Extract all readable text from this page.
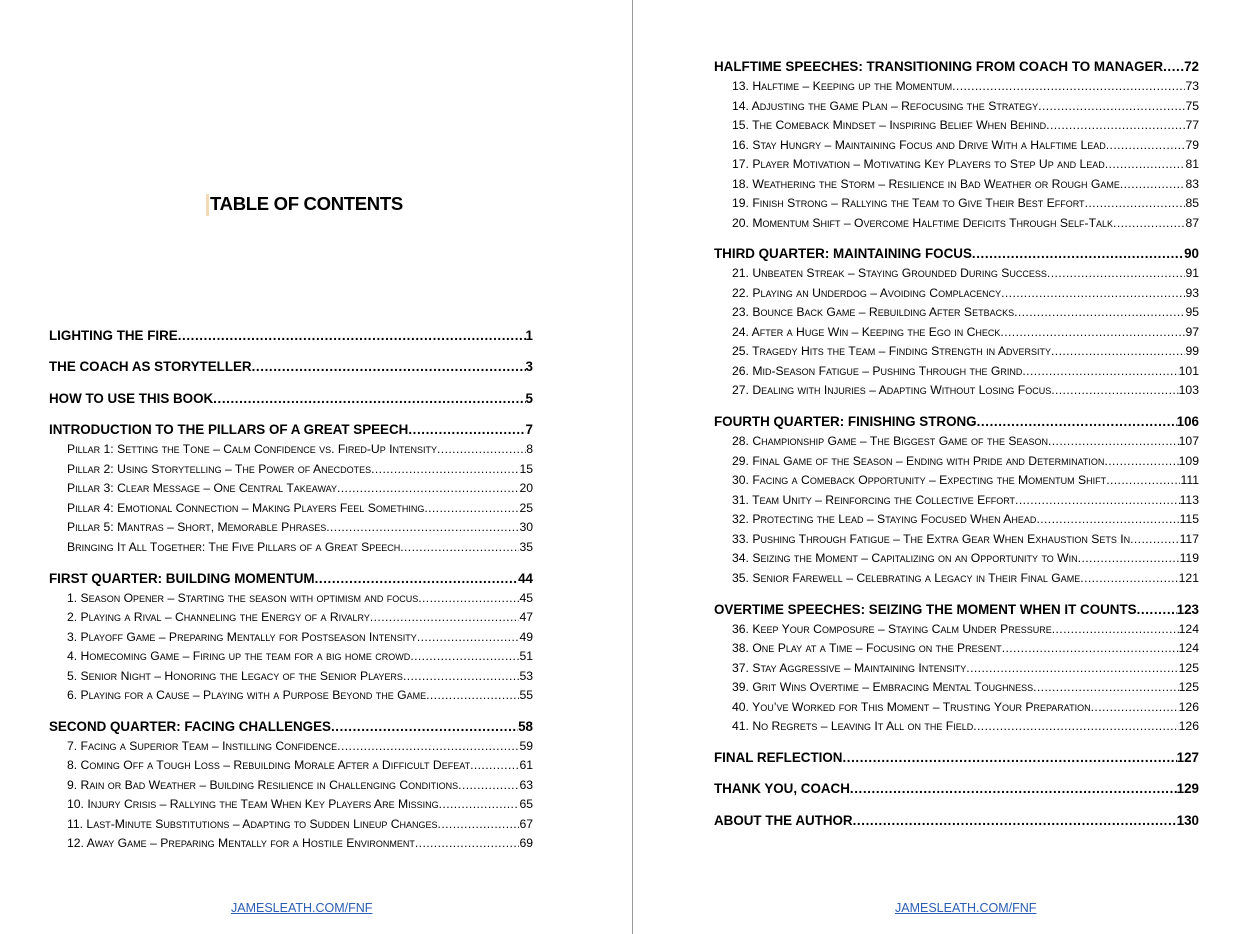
TABLE OF CONTENTS
LIGHTING THE FIRE .....	1
THE COACH AS STORYTELLER .....	3
HOW TO USE THIS BOOK .....	5
INTRODUCTION TO THE PILLARS OF A GREAT SPEECH .....	7
Pillar 1: Setting the Tone – Calm Confidence vs. Fired-Up Intensity .....	8
Pillar 2: Using Storytelling – The Power of Anecdotes .....	15
Pillar 3: Clear Message – One Central Takeaway .....	20
Pillar 4: Emotional Connection – Making Players Feel Something .....	25
Pillar 5: Mantras – Short, Memorable Phrases .....	30
Bringing It All Together: The Five Pillars of a Great Speech .....	35
FIRST QUARTER: BUILDING MOMENTUM .....	44
1. Season Opener – Starting the season with optimism and focus .....	45
2. Playing a Rival – Channeling the Energy of a Rivalry .....	47
3. Playoff Game – Preparing Mentally for Postseason Intensity .....	49
4. Homecoming Game – Firing up the team for a big home crowd .....	51
5. Senior Night – Honoring the Legacy of the Senior Players .....	53
6. Playing for a Cause – Playing with a Purpose Beyond the Game .....	55
SECOND QUARTER: FACING CHALLENGES .....	58
7. Facing a Superior Team – Instilling Confidence .....	59
8. Coming Off a Tough Loss – Rebuilding Morale After a Difficult Defeat .....	61
9. Rain or Bad Weather – Building Resilience in Challenging Conditions .....	63
10. Injury Crisis – Rallying the Team When Key Players Are Missing .....	65
11. Last-Minute Substitutions – Adapting to Sudden Lineup Changes .....	67
12. Away Game – Preparing Mentally for a Hostile Environment .....	69
JAMESLEATH.COM/FNF
HALFTIME SPEECHES: TRANSITIONING FROM COACH TO MANAGER ..... 72
13. Halftime – Keeping up the Momentum .....	73
14. Adjusting the Game Plan – Refocusing the Strategy .....	75
15. The Comeback Mindset – Inspiring Belief When Behind .....	77
16. Stay Hungry – Maintaining Focus and Drive With a Halftime Lead .....	79
17. Player Motivation – Motivating Key Players to Step Up and Lead .....	81
18. Weathering the Storm – Resilience in Bad Weather or Rough Game .....	83
19. Finish Strong – Rallying the Team to Give Their Best Effort .....	85
20. Momentum Shift – Overcome Halftime Deficits Through Self-Talk .....	87
THIRD QUARTER: MAINTAINING FOCUS .....	90
21. Unbeaten Streak – Staying Grounded During Success .....	91
22. Playing an Underdog – Avoiding Complacency .....	93
23. Bounce Back Game – Rebuilding After Setbacks .....	95
24. After a Huge Win – Keeping the Ego in Check .....	97
25. Tragedy Hits the Team – Finding Strength in Adversity .....	99
26. Mid-Season Fatigue – Pushing Through the Grind .....	101
27. Dealing with Injuries – Adapting Without Losing Focus .....	103
FOURTH QUARTER: FINISHING STRONG .....	106
28. Championship Game – The Biggest Game of the Season .....	107
29. Final Game of the Season – Ending with Pride and Determination .....	109
30. Facing a Comeback Opportunity – Expecting the Momentum Shift .....	111
31. Team Unity – Reinforcing the Collective Effort .....	113
32. Protecting the Lead – Staying Focused When Ahead .....	115
33. Pushing Through Fatigue – The Extra Gear When Exhaustion Sets In .....	117
34. Seizing the Moment – Capitalizing on an Opportunity to Win .....	119
35. Senior Farewell – Celebrating a Legacy in Their Final Game .....	121
OVERTIME SPEECHES: SEIZING THE MOMENT WHEN IT COUNTS .....	123
36. Keep Your Composure – Staying Calm Under Pressure .....	124
38. One Play at a Time – Focusing on the Present .....	124
37. Stay Aggressive – Maintaining Intensity .....	125
39. Grit Wins Overtime – Embracing Mental Toughness .....	125
40. You’ve Worked for This Moment – Trusting Your Preparation .....	126
41. No Regrets – Leaving It All on the Field .....	126
FINAL REFLECTION .....	127
THANK YOU, COACH .....	129
ABOUT THE AUTHOR .....	130
JAMESLEATH.COM/FNF
